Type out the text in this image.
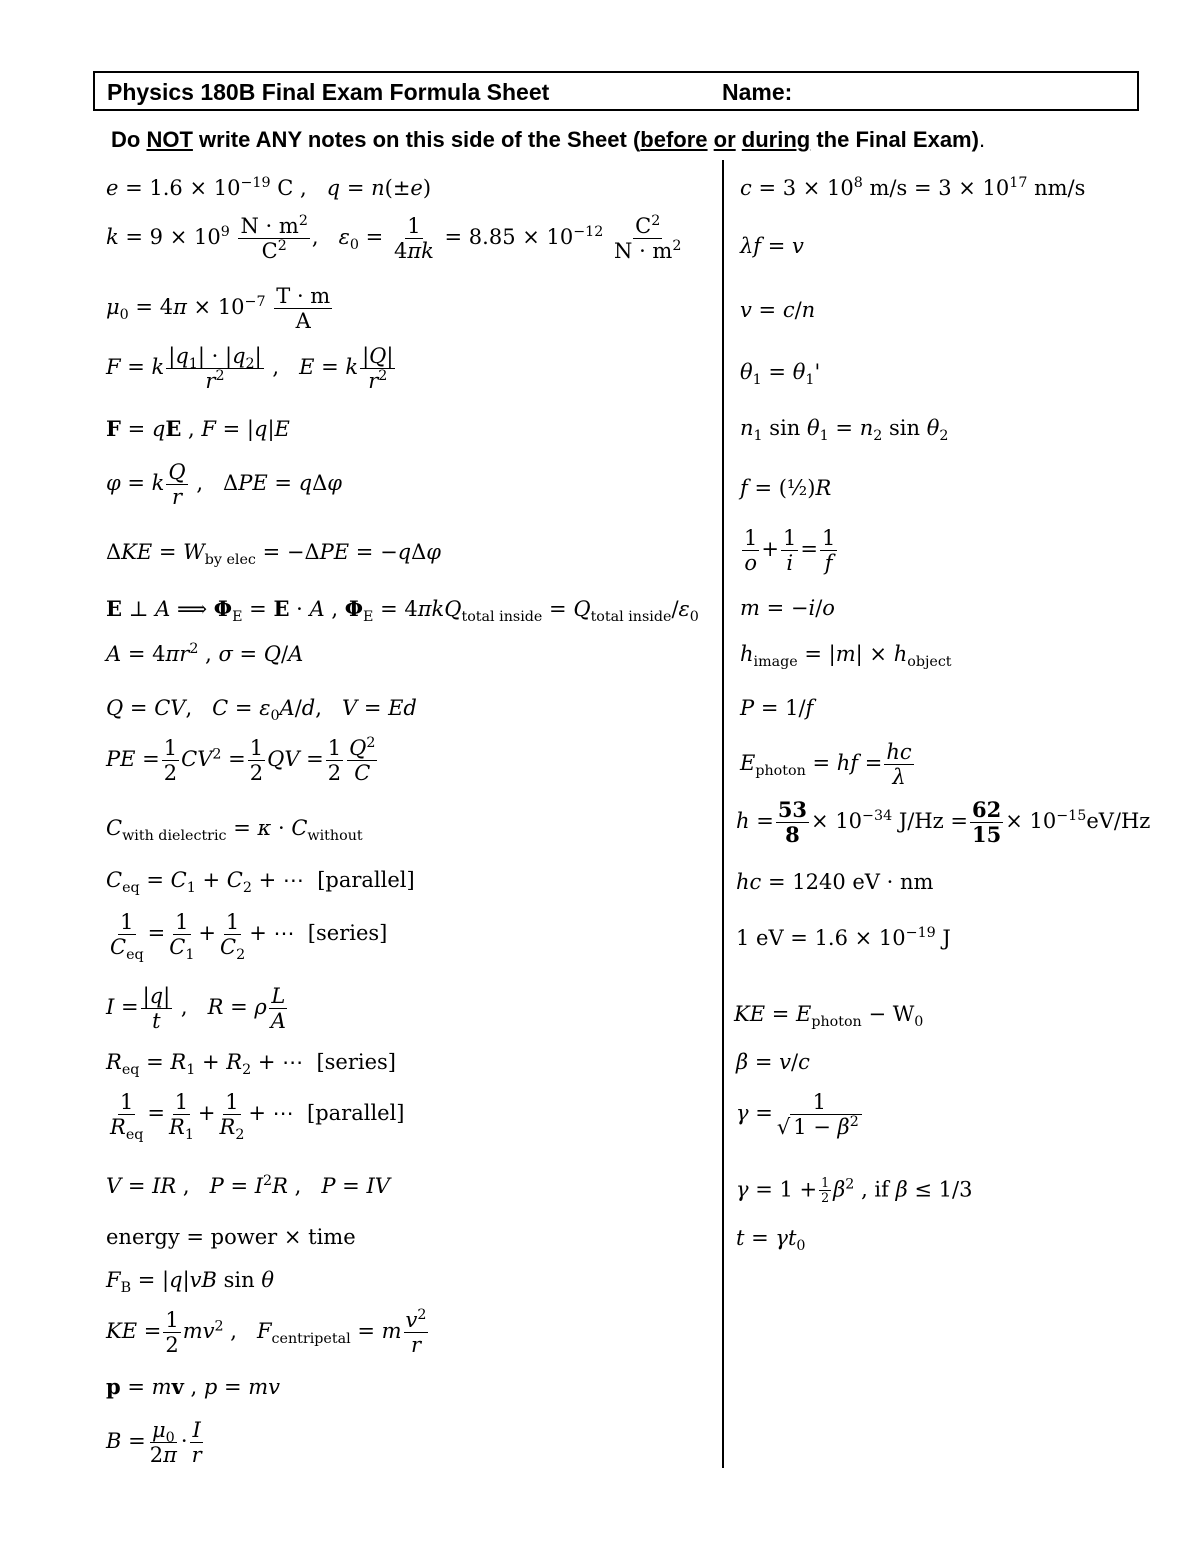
Physics 180B Final Exam Formula Sheet	Name:
Do NOT write ANY notes on this side of the Sheet (before or during the Final Exam).
$e = 1.6 \times 10^{-19}$ C ,   q = n(±e)
$k = 9 \times 10^9 \frac{N \cdot m^2}{C^2}$ ,   $\varepsilon_0 = \frac{1}{4\pi k} = 8.85 \times 10^{-12} \frac{C^2}{N \cdot m^2}$
$\mu_0 = 4\pi \times 10^{-7} \frac{T \cdot m}{A}$
F = k $\frac{|q_1| \cdot |q_2|}{r^2}$ ,   E = k $\frac{|Q|}{r^2}$
F = qE , F = |q|E
φ = k $\frac{Q}{r}$ , ΔPE = qΔφ
$\Delta KE = W_{by elec} = -\Delta PE = -q\Delta\varphi$
E ⊥ A ⟹ $\Phi_E = E \cdot A$ , $\Phi_E = 4\pi kQ_{total inside} = Q_{total inside}/\varepsilon_0$
$A = 4\pi r^2$ , σ = Q/A
Q = CV,   $C = \varepsilon_0A/d$,   V = Ed
PE = $\frac{1}{2} CV^2 = \frac{1}{2}$ QV = $\frac{1}{2} \frac{Q^2}{C}$
$C_{with dielectric} = \kappa \cdot C_{without}$
$C_{eq} = C_1 + C_2$ + ⋯  [parallel]
$\frac{1}{C_{eq}} = \frac{1}{C_1} + \frac{1}{C_2}$ + ⋯  [series]
$I = \frac{|q|}{t}$ ,   R = ρ $\frac{L}{A}$
$R_{eq} = R_1 + R_2$ + ⋯  [series]
$\frac{1}{R_{eq}} = \frac{1}{R_1} + \frac{1}{R_2}$ + ⋯  [parallel]
V = IR ,   $P = I^2R$ ,   P = IV
energy = power × time
$F_B = |q|vB$ sin θ
KE = $\frac{1}{2} mv^2$ ,   $F_{centripetal} = m \frac{v^2}{r}$
p = mv , p = mv
$B = \frac{\mu_0}{2\pi} \cdot \frac{I}{r}$
$c = 3 \times 10^8$ $m/s = 3 \times 10^{17}$ nm/s
λf = v
v = c/n
$\theta_1 = \theta_1'$
$n_1$ $\sin \theta_1 = n_2$ $\sin \theta_2$
f = (½)R
$\frac{1}{o} + \frac{1}{i} = \frac{1}{f}$
m = −i/o
$h_{image} = |m| \times h_{object}$
P = 1/f
$E_{photon}$ = hf = $\frac{hc}{\lambda}$
$h = \frac{53}{8} \times 10^{-34}$ $J/Hz = \frac{62}{15} \times 10^{-15}eV/Hz$
hc = 1240 eV · nm
1 eV = $1.6 \times 10^{-19}$ J
KE = $E_{photon} - W_0$
β = v/c
$\gamma = \frac{1}{√ 1 - \beta^2}$
$\gamma = 1 + \frac{1}{2} \beta^2$ , if β ≤ 1/3
$t = \gamma t_0$
